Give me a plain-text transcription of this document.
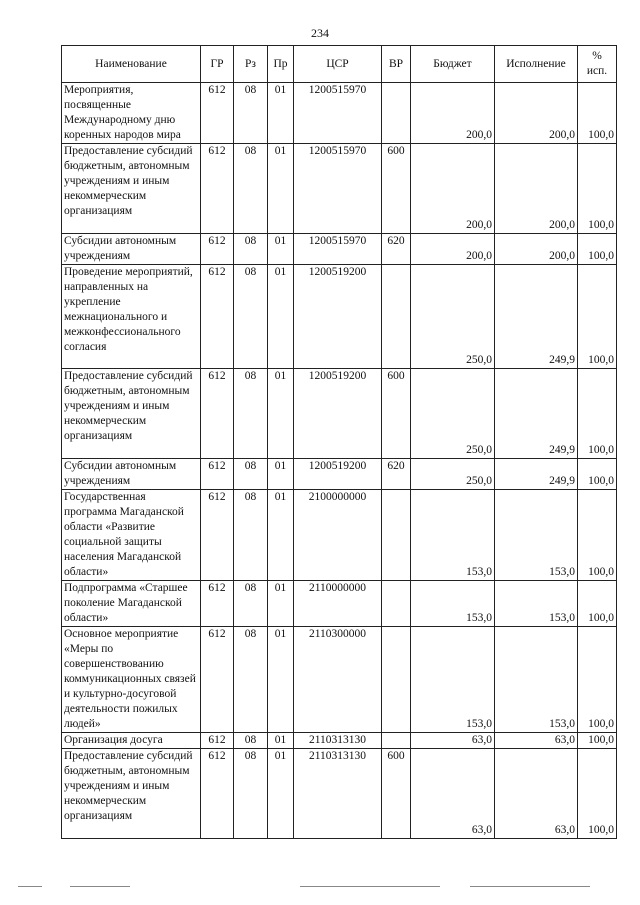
234
Наименование	ГР	Рз	Пр	ЦСР	ВР	Бюджет	Исполнение	%
исп.

Мероприятия, посвященные Международному дню коренных народов мира	612	08	01	1200515970		200,0	200,0	100,0
Предоставление субсидий бюджетным, автономным учреждениям и иным некоммерческим организациям	612	08	01	1200515970	600	200,0	200,0	100,0
Субсидии автономным учреждениям	612	08	01	1200515970	620	200,0	200,0	100,0
Проведение мероприятий, направленных на укрепление межнационального и межконфессионального согласия	612	08	01	1200519200		250,0	249,9	100,0
Предоставление субсидий бюджетным, автономным учреждениям и иным некоммерческим организациям	612	08	01	1200519200	600	250,0	249,9	100,0
Субсидии автономным учреждениям	612	08	01	1200519200	620	250,0	249,9	100,0
Государственная программа Магаданской области «Развитие социальной защиты населения Магаданской области»	612	08	01	2100000000		153,0	153,0	100,0
Подпрограмма «Старшее поколение Магаданской области»	612	08	01	2110000000		153,0	153,0	100,0
Основное мероприятие «Меры по совершенствованию коммуникационных связей и культурно-досуговой деятельности пожилых людей»	612	08	01	2110300000		153,0	153,0	100,0
Организация досуга	612	08	01	2110313130		63,0	63,0	100,0
Предоставление субсидий бюджетным, автономным учреждениям и иным некоммерческим организациям	612	08	01	2110313130	600	63,0	63,0	100,0
